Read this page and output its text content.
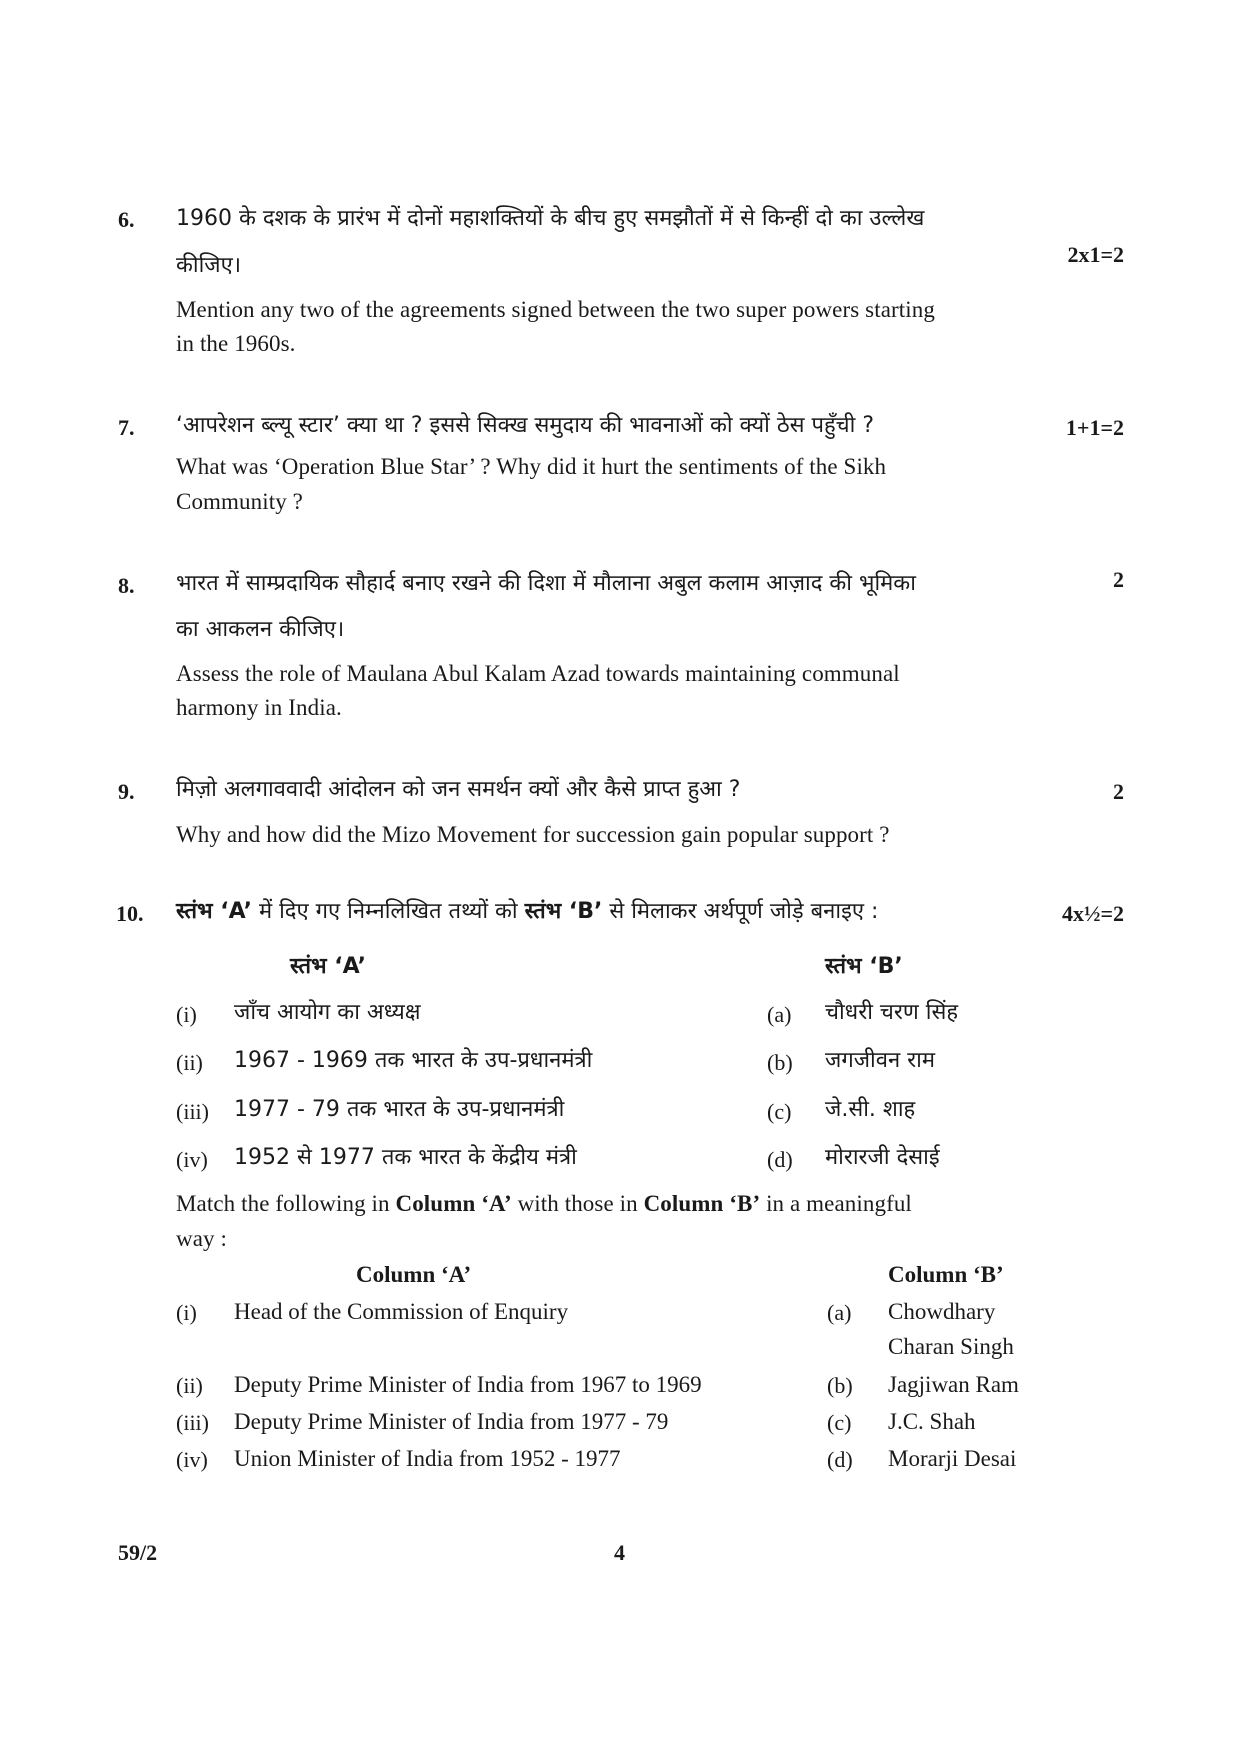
6. 1960 के दशक के प्रारंभ में दोनों महाशक्तियों के बीच हुए समझौतों में से किन्हीं दो का उल्लेख
कीजिए।	2x1=2
Mention any two of the agreements signed between the two super powers starting
in the 1960s.
7. ‘आपरेशन ब्ल्यू स्टार’ क्या था ? इससे सिक्ख समुदाय की भावनाओं को क्यों ठेस पहुँची ?	1+1=2
What was ‘Operation Blue Star’ ? Why did it hurt the sentiments of the Sikh
Community ?
8. भारत में साम्प्रदायिक सौहार्द बनाए रखने की दिशा में मौलाना अबुल कलाम आज़ाद की भूमिका	2
का आकलन कीजिए।
Assess the role of Maulana Abul Kalam Azad towards maintaining communal
harmony in India.
9. मिज़ो अलगाववादी आंदोलन को जन समर्थन क्यों और कैसे प्राप्त हुआ ?	2
Why and how did the Mizo Movement for succession gain popular support ?
10. स्तंभ ‘A’ में दिए गए निम्नलिखित तथ्यों को स्तंभ ‘B’ से मिलाकर अर्थपूर्ण जोड़े बनाइए :	4x½=2
स्तंभ ‘A’	स्तंभ ‘B’
(i) जाँच आयोग का अध्यक्ष	(a) चौधरी चरण सिंह
(ii) 1967 - 1969 तक भारत के उप-प्रधानमंत्री	(b) जगजीवन राम
(iii) 1977 - 79 तक भारत के उप-प्रधानमंत्री	(c) जे.सी. शाह
(iv) 1952 से 1977 तक भारत के केंद्रीय मंत्री	(d) मोरारजी देसाई
Match the following in Column ‘A’ with those in Column ‘B’ in a meaningful
way :
Column ‘A’	Column ‘B’
(i) Head of the Commission of Enquiry	(a) Chowdhary
Charan Singh
(ii) Deputy Prime Minister of India from 1967 to 1969	(b) Jagjiwan Ram
(iii) Deputy Prime Minister of India from 1977 - 79	(c) J.C. Shah
(iv) Union Minister of India from 1952 - 1977	(d) Morarji Desai
59/2	4
